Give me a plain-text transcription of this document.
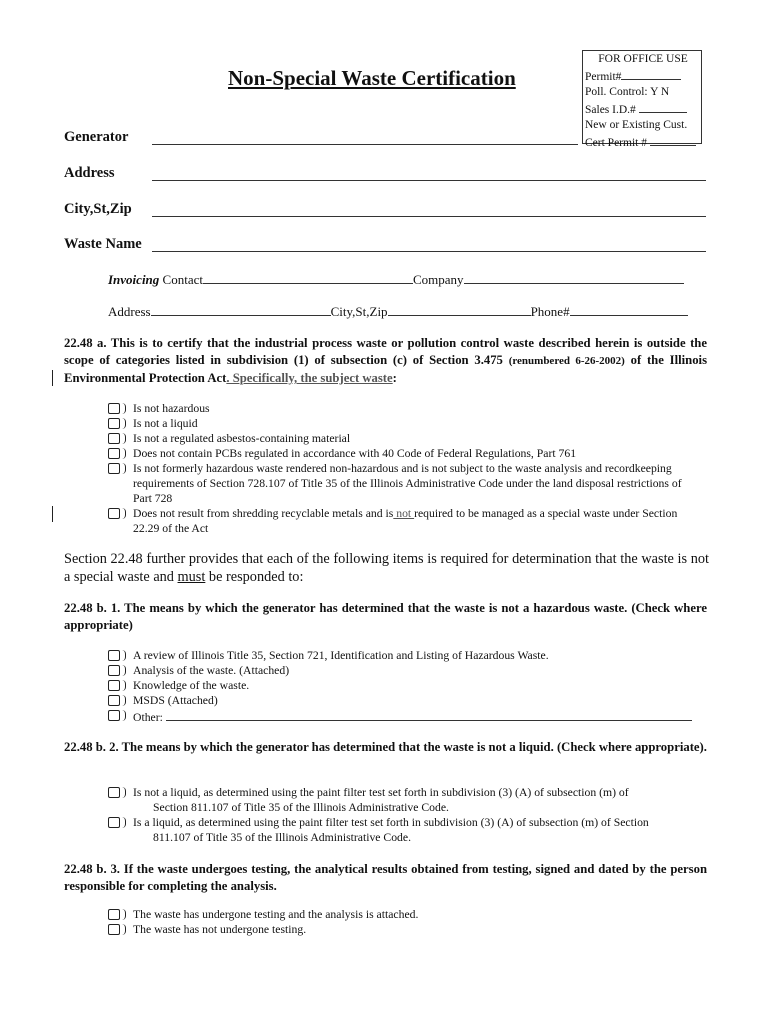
FOR OFFICE USE
Permit#
Poll. Control: Y N
Sales I.D.#
New or Existing Cust.
Cert Permit #
Non-Special Waste Certification
Generator
Address
City,St,Zip
Waste Name
Invoicing Contact	Company
Address	City,St,Zip	Phone#
22.48 a. This is to certify that the industrial process waste or pollution control waste described herein is outside the scope of categories listed in subdivision (1) of subsection (c) of Section 3.475 (renumbered 6-26-2002) of the Illinois Environmental Protection Act. Specifically, the subject waste:
Is not hazardous
Is not a liquid
Is not a regulated asbestos-containing material
Does not contain PCBs regulated in accordance with 40 Code of Federal Regulations, Part 761
Is not formerly hazardous waste rendered non-hazardous and is not subject to the waste analysis and recordkeeping requirements of Section 728.107 of Title 35 of the Illinois Administrative Code under the land disposal restrictions of Part 728
Does not result from shredding recyclable metals and is not required to be managed as a special waste under Section 22.29 of the Act
Section 22.48 further provides that each of the following items is required for determination that the waste is not a special waste and must be responded to:
22.48 b. 1. The means by which the generator has determined that the waste is not a hazardous waste. (Check where appropriate)
A review of Illinois Title 35, Section 721, Identification and Listing of Hazardous Waste.
Analysis of the waste. (Attached)
Knowledge of the waste.
MSDS (Attached)
Other:
22.48 b. 2. The means by which the generator has determined that the waste is not a liquid. (Check where appropriate).
Is not a liquid, as determined using the paint filter test set forth in subdivision (3) (A) of subsection (m) of
Section 811.107 of Title 35 of the Illinois Administrative Code.
Is a liquid, as determined using the paint filter test set forth in subdivision (3) (A) of subsection (m) of Section
811.107 of Title 35 of the Illinois Administrative Code.
22.48 b. 3. If the waste undergoes testing, the analytical results obtained from testing, signed and dated by the person responsible for completing the analysis.
The waste has undergone testing and the analysis is attached.
The waste has not undergone testing.
